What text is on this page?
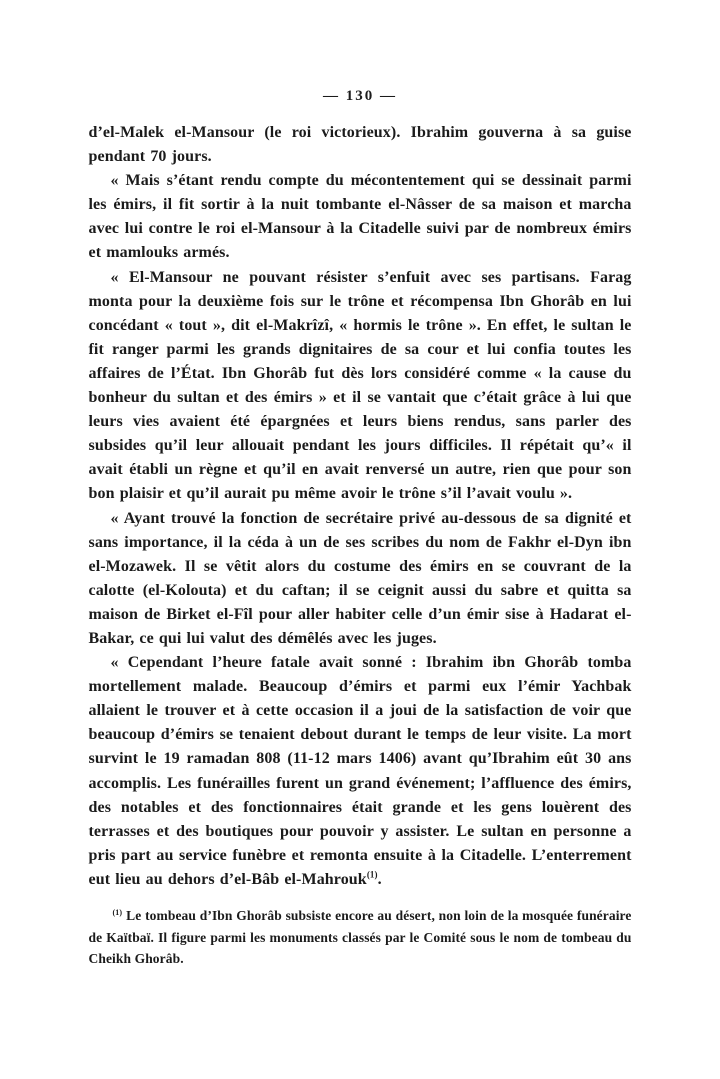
— 130 —

d’el-Malek el-Mansour (le roi victorieux). Ibrahim gouverna à sa guise pendant 70 jours.

« Mais s’étant rendu compte du mécontentement qui se dessinait parmi les émirs, il fit sortir à la nuit tombante el-Nâsser de sa maison et marcha avec lui contre le roi el-Mansour à la Citadelle suivi par de nombreux émirs et mamlouks armés.

« El-Mansour ne pouvant résister s’enfuit avec ses partisans. Farag monta pour la deuxième fois sur le trône et récompensa Ibn Ghorâb en lui concédant « tout », dit el-Makrîzî, « hormis le trône ». En effet, le sultan le fit ranger parmi les grands dignitaires de sa cour et lui confia toutes les affaires de l’État. Ibn Ghorâb fut dès lors considéré comme « la cause du bonheur du sultan et des émirs » et il se vantait que c’était grâce à lui que leurs vies avaient été épargnées et leurs biens rendus, sans parler des subsides qu’il leur allouait pendant les jours difficiles. Il répétait qu’« il avait établi un règne et qu’il en avait renversé un autre, rien que pour son bon plaisir et qu’il aurait pu même avoir le trône s’il l’avait voulu ».

« Ayant trouvé la fonction de secrétaire privé au-dessous de sa dignité et sans importance, il la céda à un de ses scribes du nom de Fakhr el-Dyn ibn el-Mozawek. Il se vêtit alors du costume des émirs en se couvrant de la calotte (el-Kolouta) et du caftan; il se ceignit aussi du sabre et quitta sa maison de Birket el-Fîl pour aller habiter celle d’un émir sise à Hadarat el-Bakar, ce qui lui valut des démêlés avec les juges.

« Cependant l’heure fatale avait sonné : Ibrahim ibn Ghorâb tomba mortellement malade. Beaucoup d’émirs et parmi eux l’émir Yachbak allaient le trouver et à cette occasion il a joui de la satisfaction de voir que beaucoup d’émirs se tenaient debout durant le temps de leur visite. La mort survint le 19 ramadan 808 (11-12 mars 1406) avant qu’Ibrahim eût 30 ans accomplis. Les funérailles furent un grand événement; l’affluence des émirs, des notables et des fonctionnaires était grande et les gens louèrent des terrasses et des boutiques pour pouvoir y assister. Le sultan en personne a pris part au service funèbre et remonta ensuite à la Citadelle. L’enterrement eut lieu au dehors d’el-Bâb el-Mahrouk$^{(1)}$.

$^{(1)}$ Le tombeau d’Ibn Ghorâb subsiste encore au désert, non loin de la mosquée funéraire de Kaïtbaï. Il figure parmi les monuments classés par le Comité sous le nom de tombeau du Cheikh Ghorâb.
